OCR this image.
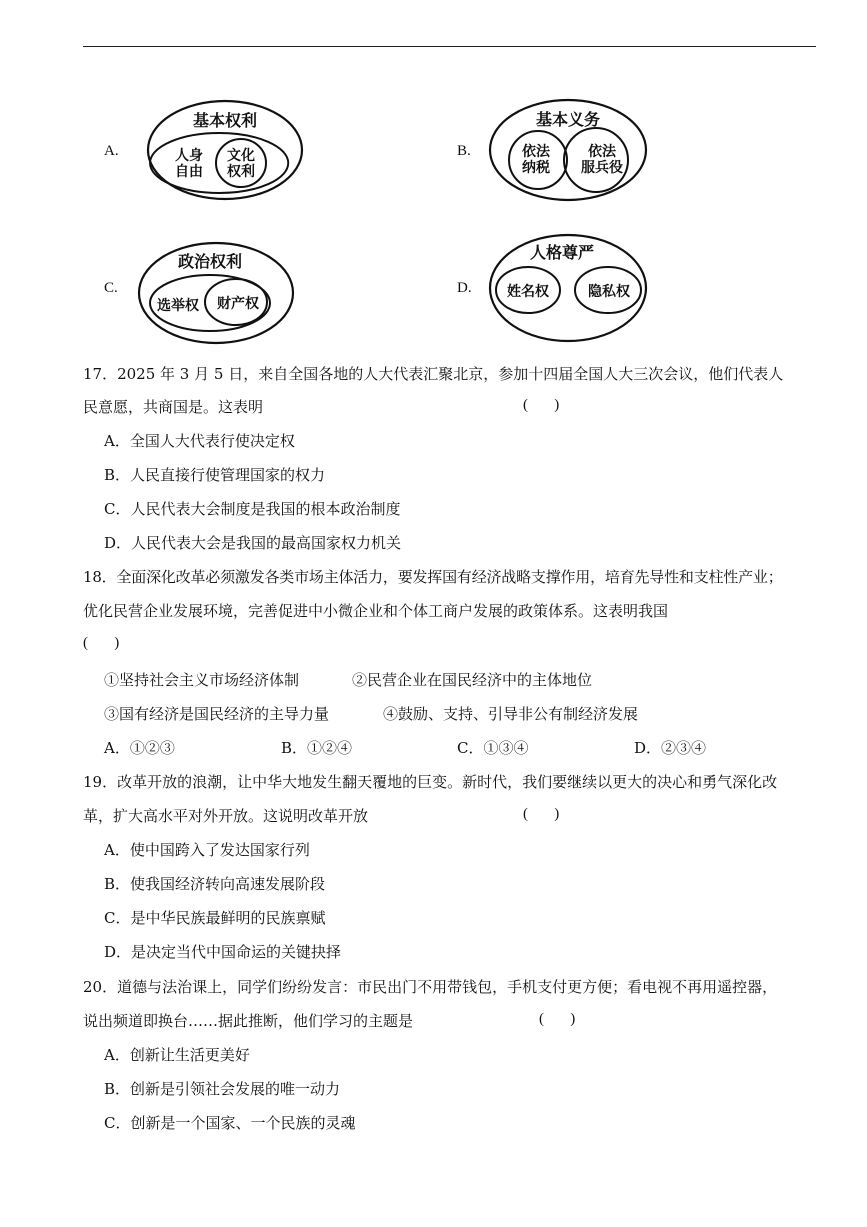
A.
基本权利
人身
自由
文化
权利
B.
基本义务
依法
纳税
依法
服兵役
C.
政治权利
选举权 财产权
D.
人格尊严
姓名权	隐私权
17．2025 年 3 月 5 日，来自全国各地的人大代表汇聚北京，参加十四届全国人大三次会议，他们代表人
民意愿，共商国是。这表明	(       )
A．全国人大代表行使决定权
B．人民直接行使管理国家的权力
C．人民代表大会制度是我国的根本政治制度
D．人民代表大会是我国的最高国家权力机关
18．全面深化改革必须激发各类市场主体活力，要发挥国有经济战略支撑作用，培育先导性和支柱性产业；
优化民营企业发展环境，完善促进中小微企业和个体工商户发展的政策体系。这表明我国
(       )
①坚持社会主义市场经济体制	②民营企业在国民经济中的主体地位
③国有经济是国民经济的主导力量	④鼓励、支持、引导非公有制经济发展
A．①②③	B．①②④	C．①③④	D．②③④
19．改革开放的浪潮，让中华大地发生翻天覆地的巨变。新时代，我们要继续以更大的决心和勇气深化改
革，扩大高水平对外开放。这说明改革开放	(       )
A．使中国跨入了发达国家行列
B．使我国经济转向高速发展阶段
C．是中华民族最鲜明的民族禀赋
D．是决定当代中国命运的关键抉择
20．道德与法治课上，同学们纷纷发言：市民出门不用带钱包，手机支付更方便；看电视不再用遥控器，
说出频道即换台……据此推断，他们学习的主题是	(       )
A．创新让生活更美好
B．创新是引领社会发展的唯一动力
C．创新是一个国家、一个民族的灵魂
